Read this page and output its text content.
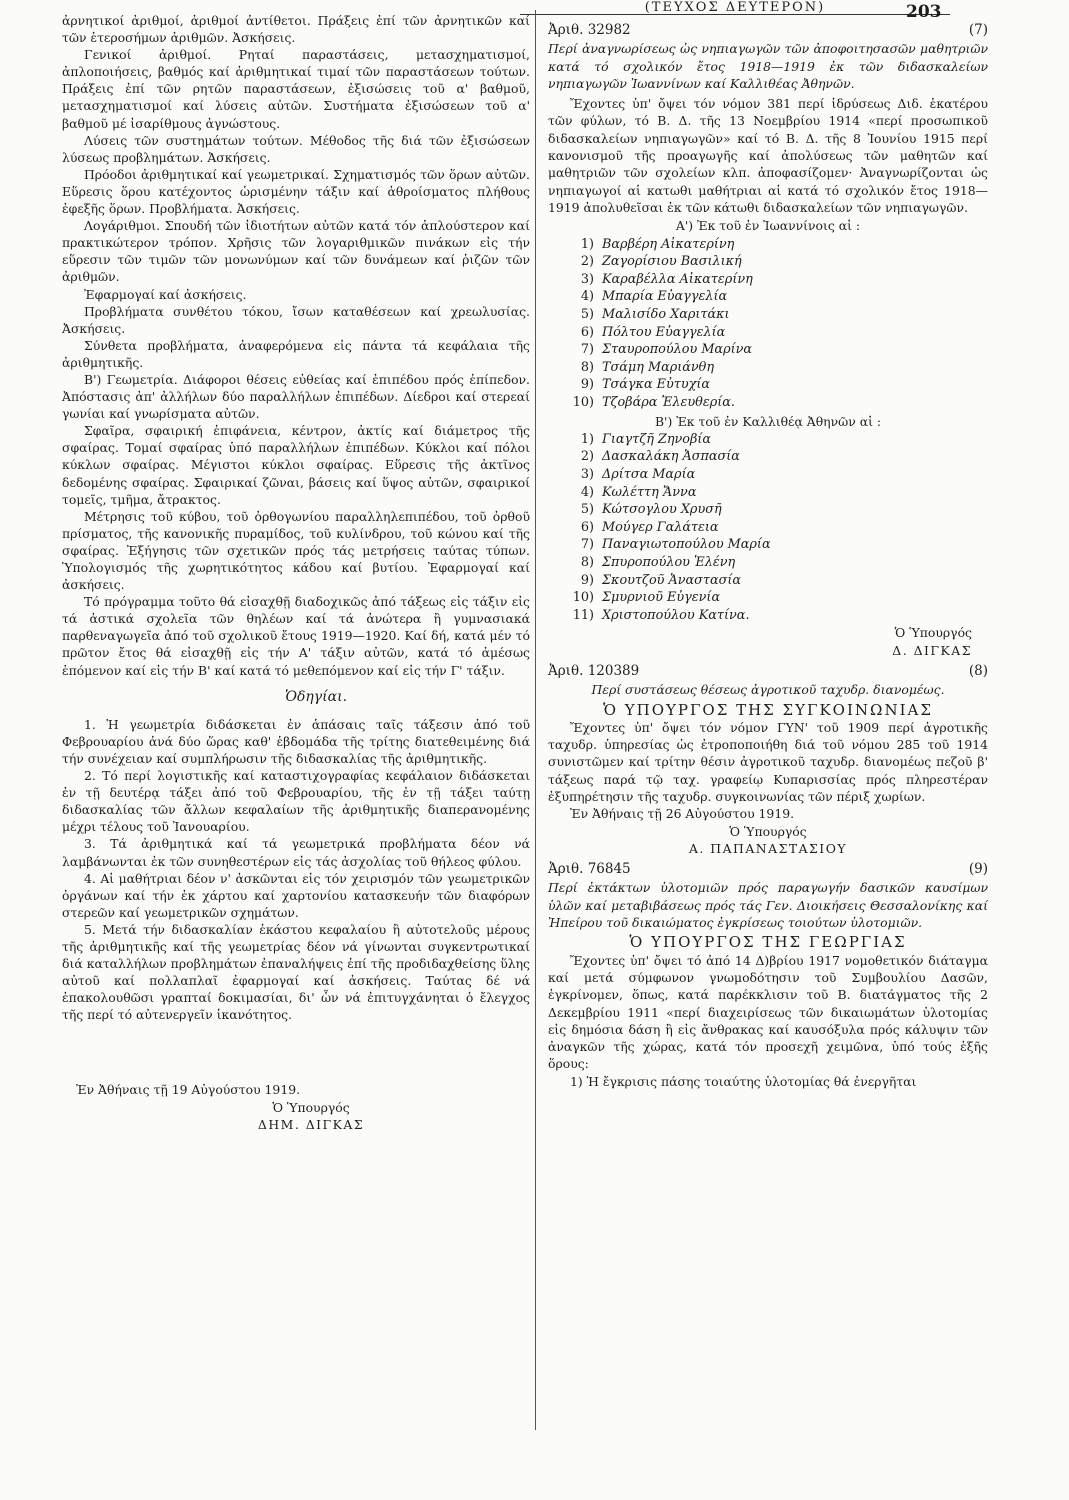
(ΤΕΥΧΟΣ ΔΕΥΤΕΡΟΝ)	203

ἀρνητικοί ἀριθμοί, ἀριθμοί ἀντίθετοι. Πράξεις ἐπί τῶν ἀρνητικῶν καί τῶν ἑτεροσήμων ἀριθμῶν. Ἀσκήσεις.

Γενικοί ἀριθμοί. Ρηταί παραστάσεις, μετασχηματισμοί, ἀπλοποιήσεις, βαθμός καί ἀριθμητικαί τιμαί τῶν παραστάσεων τούτων. Πράξεις ἐπί τῶν ρητῶν παραστάσεων, ἐξισώσεις τοῦ α' βαθμοῦ, μετασχηματισμοί καί λύσεις αὐτῶν. Συστήματα ἐξισώσεων τοῦ α' βαθμοῦ μέ ἰσαρίθμους ἀγνώστους.

Λύσεις τῶν συστημάτων τούτων. Μέθοδος τῆς διά τῶν ἐξισώσεων λύσεως προβλημάτων. Ἀσκήσεις.

Πρόοδοι ἀριθμητικαί καί γεωμετρικαί. Σχηματισμός τῶν ὅρων αὐτῶν. Εὕρεσις ὅρου κατέχοντος ὡρισμένην τάξιν καί ἀθροίσματος πλήθους ἐφεξῆς ὅρων. Προβλήματα. Ἀσκήσεις.

Λογάριθμοι. Σπουδή τῶν ἰδιοτήτων αὐτῶν κατά τόν ἁπλούστερον καί πρακτικώτερον τρόπον. Χρῆσις τῶν λογαριθμικῶν πινάκων εἰς τήν εὕρεσιν τῶν τιμῶν τῶν μονωνύμων καί τῶν δυνάμεων καί ῥιζῶν τῶν ἀριθμῶν.

Ἐφαρμογαί καί ἀσκήσεις.

Προβλήματα συνθέτου τόκου, ἴσων καταθέσεων καί χρεωλυσίας. Ἀσκήσεις.

Σύνθετα προβλήματα, ἀναφερόμενα εἰς πάντα τά κεφάλαια τῆς ἀριθμητικῆς.

Β') Γεωμετρία. Διάφοροι θέσεις εὐθείας καί ἐπιπέδου πρός ἐπίπεδον. Ἀπόστασις ἀπ' ἀλλήλων δύο παραλλήλων ἐπιπέδων. Δίεδροι καί στερεαί γωνίαι καί γνωρίσματα αὐτῶν.

Σφαῖρα, σφαιρική ἐπιφάνεια, κέντρον, ἀκτίς καί διάμετρος τῆς σφαίρας. Τομαί σφαίρας ὑπό παραλλήλων ἐπιπέδων. Κύκλοι καί πόλοι κύκλων σφαίρας. Μέγιστοι κύκλοι σφαίρας. Εὕρεσις τῆς ἀκτῖνος δεδομένης σφαίρας. Σφαιρικαί ζῶναι, βάσεις καί ὕψος αὐτῶν, σφαιρικοί τομεῖς, τμῆμα, ἄτρακτος.

Μέτρησις τοῦ κύβου, τοῦ ὀρθογωνίου παραλληλεπιπέδου, τοῦ ὀρθοῦ πρίσματος, τῆς κανονικῆς πυραμίδος, τοῦ κυλίνδρου, τοῦ κώνου καί τῆς σφαίρας. Ἐξήγησις τῶν σχετικῶν πρός τάς μετρήσεις ταύτας τύπων. Ὑπολογισμός τῆς χωρητικότητος κάδου καί βυτίου. Ἐφαρμογαί καί ἀσκήσεις.

Τό πρόγραμμα τοῦτο θά εἰσαχθῇ διαδοχικῶς ἀπό τάξεως εἰς τάξιν εἰς τά ἀστικά σχολεῖα τῶν θηλέων καί τά ἀνώτερα ἢ γυμνασιακά παρθεναγωγεῖα ἀπό τοῦ σχολικοῦ ἔτους 1919—1920. Καί δή, κατά μέν τό πρῶτον ἔτος θά εἰσαχθῇ εἰς τήν Α' τάξιν αὐτῶν, κατά τό ἀμέσως ἑπόμενον καί εἰς τήν Β' καί κατά τό μεθεπόμενον καί εἰς τήν Γ' τάξιν.

Ὁδηγίαι.

1. Ἡ γεωμετρία διδάσκεται ἐν ἁπάσαις ταῖς τάξεσιν ἀπό τοῦ Φεβρουαρίου ἀνά δύο ὥρας καθ' ἑβδομάδα τῆς τρίτης διατεθειμένης διά τήν συνέχειαν καί συμπλήρωσιν τῆς διδασκαλίας τῆς ἀριθμητικῆς.

2. Τό περί λογιστικῆς καί καταστιχογραφίας κεφάλαιον διδάσκεται ἐν τῇ δευτέρᾳ τάξει ἀπό τοῦ Φεβρουαρίου, τῆς ἐν τῇ τάξει ταύτῃ διδασκαλίας τῶν ἄλλων κεφαλαίων τῆς ἀριθμητικῆς διαπερανομένης μέχρι τέλους τοῦ Ἰανουαρίου.

3. Τά ἀριθμητικά καί τά γεωμετρικά προβλήματα δέον νά λαμβάνωνται ἐκ τῶν συνηθεστέρων εἰς τάς ἀσχολίας τοῦ θήλεος φύλου.

4. Αἱ μαθήτριαι δέον ν' ἀσκῶνται εἰς τόν χειρισμόν τῶν γεωμετρικῶν ὀργάνων καί τήν ἐκ χάρτου καί χαρτονίου κατασκευήν τῶν διαφόρων στερεῶν καί γεωμετρικῶν σχημάτων.

5. Μετά τήν διδασκαλίαν ἑκάστου κεφαλαίου ἢ αὐτοτελοῦς μέρους τῆς ἀριθμητικῆς καί τῆς γεωμετρίας δέον νά γίνωνται συγκεντρωτικαί διά καταλλήλων προβλημάτων ἐπαναλήψεις ἐπί τῆς προδιδαχθείσης ὕλης αὐτοῦ καί πολλαπλαῖ ἐφαρμογαί καί ἀσκήσεις. Ταύτας δέ νά ἐπακολουθῶσι γραπταί δοκιμασίαι, δι' ὧν νά ἐπιτυγχάνηται ὁ ἔλεγχος τῆς περί τό αὐτενεργεῖν ἱκανότητος.

Ἐν Ἀθήναις τῇ 19 Αὐγούστου 1919.

Ὁ Ὑπουργός

ΔΗΜ. ΔΙΓΚΑΣ

Ἀριθ. 32982	(7)

Περί ἀναγνωρίσεως ὡς νηπιαγωγῶν τῶν ἀποφοιτησασῶν μαθητριῶν κατά τό σχολικόν ἔτος 1918—1919 ἐκ τῶν διδασκαλείων νηπιαγωγῶν Ἰωαννίνων καί Καλλιθέας Ἀθηνῶν.

Ἔχοντες ὑπ' ὄψει τόν νόμον 381 περί ἱδρύσεως Διδ. ἑκατέρου τῶν φύλων, τό Β. Δ. τῆς 13 Νοεμβρίου 1914 «περί προσωπικοῦ διδασκαλείων νηπιαγωγῶν» καί τό Β. Δ. τῆς 8 Ἰουνίου 1915 περί κανονισμοῦ τῆς προαγωγῆς καί ἀπολύσεως τῶν μαθητῶν καί μαθητριῶν τῶν σχολείων κλπ. ἀποφασίζομεν· Ἀναγνωρίζονται ὡς νηπιαγωγοί αἱ κατωθι μαθήτριαι αἱ κατά τό σχολικόν ἔτος 1918—1919 ἀπολυθεῖσαι ἐκ τῶν κάτωθι διδασκαλείων τῶν νηπιαγωγῶν.

Α') Ἐκ τοῦ ἐν Ἰωαννίνοις αἱ :

1) Βαρβέρη Αἰκατερίνη
2) Ζαγορίσιου Βασιλική
3) Καραβέλλα Αἰκατερίνη
4) Μπαρία Εὐαγγελία
5) Μαλισίδο Χαριτάκι
6) Πόλτου Εὐαγγελία
7) Σταυροπούλου Μαρίνα
8) Τσάμη Μαριάνθη
9) Τσάγκα Εὐτυχία
10) Τζοβάρα Ἐλευθερία.

Β') Ἐκ τοῦ ἐν Καλλιθέᾳ Ἀθηνῶν αἱ :

1) Γιαγτζῆ Ζηνοβία
2) Δασκαλάκη Ἀσπασία
3) Δρίτσα Μαρία
4) Κωλέττη Ἄννα
5) Κώτσογλου Χρυσῆ
6) Μούγερ Γαλάτεια
7) Παναγιωτοπούλου Μαρία
8) Σπυροπούλου Ἑλένη
9) Σκουτζοῦ Ἀναστασία
10) Σμυρνιοῦ Εὐγενία
11) Χριστοπούλου Κατίνα.
Ὁ Ὑπουργός
Δ. ΔΙΓΚΑΣ
Ἀριθ. 120389	(8)

Περί συστάσεως θέσεως ἀγροτικοῦ ταχυδρ. διανομέως.

Ὁ ΥΠΟΥΡΓΟΣ ΤΗΣ ΣΥΓΚΟΙΝΩΝΙΑΣ

Ἔχοντες ὑπ' ὄψει τόν νόμον ΓΥΝ' τοῦ 1909 περί ἀγροτικῆς ταχυδρ. ὑπηρεσίας ὡς ἐτροποποιήθη διά τοῦ νόμου 285 τοῦ 1914 συνιστῶμεν καί τρίτην θέσιν ἀγροτικοῦ ταχυδρ. διανομέως πεζοῦ β' τάξεως παρά τῷ ταχ. γραφείῳ Κυπαρισσίας πρός πληρεστέραν ἐξυπηρέτησιν τῆς ταχυδρ. συγκοινωνίας τῶν πέριξ χωρίων.

Ἐν Ἀθήναις τῇ 26 Αὐγούστου 1919.

Ὁ Ὑπουργός
Α. ΠΑΠΑΝΑΣΤΑΣΙΟΥ
Ἀριθ. 76845	(9)

Περί ἐκτάκτων ὑλοτομιῶν πρός παραγωγήν δασικῶν καυσίμων ὑλῶν καί μεταβιβάσεως πρός τάς Γεν. Διοικήσεις Θεσσαλονίκης καί Ἠπείρου τοῦ δικαιώματος ἐγκρίσεως τοιούτων ὑλοτομιῶν.

Ὁ ΥΠΟΥΡΓΟΣ ΤΗΣ ΓΕΩΡΓΙΑΣ

Ἔχοντες ὑπ' ὄψει τό ἀπό 14 Δ)βρίου 1917 νομοθετικόν διάταγμα καί μετά σύμφωνον γνωμοδότησιν τοῦ Συμβουλίου Δασῶν, ἐγκρίνομεν, ὅπως, κατά παρέκκλισιν τοῦ Β. διατάγματος τῆς 2 Δεκεμβρίου 1911 «περί διαχειρίσεως τῶν δικαιωμάτων ὑλοτομίας εἰς δημόσια δάση ἢ εἰς ἄνθρακας καί καυσόξυλα πρός κάλυψιν τῶν ἀναγκῶν τῆς χώρας, κατά τόν προσεχῆ χειμῶνα, ὑπό τούς ἑξῆς ὅρους:

1) Ἡ ἔγκρισις πάσης τοιαύτης ὑλοτομίας θά ἐνεργῆται
